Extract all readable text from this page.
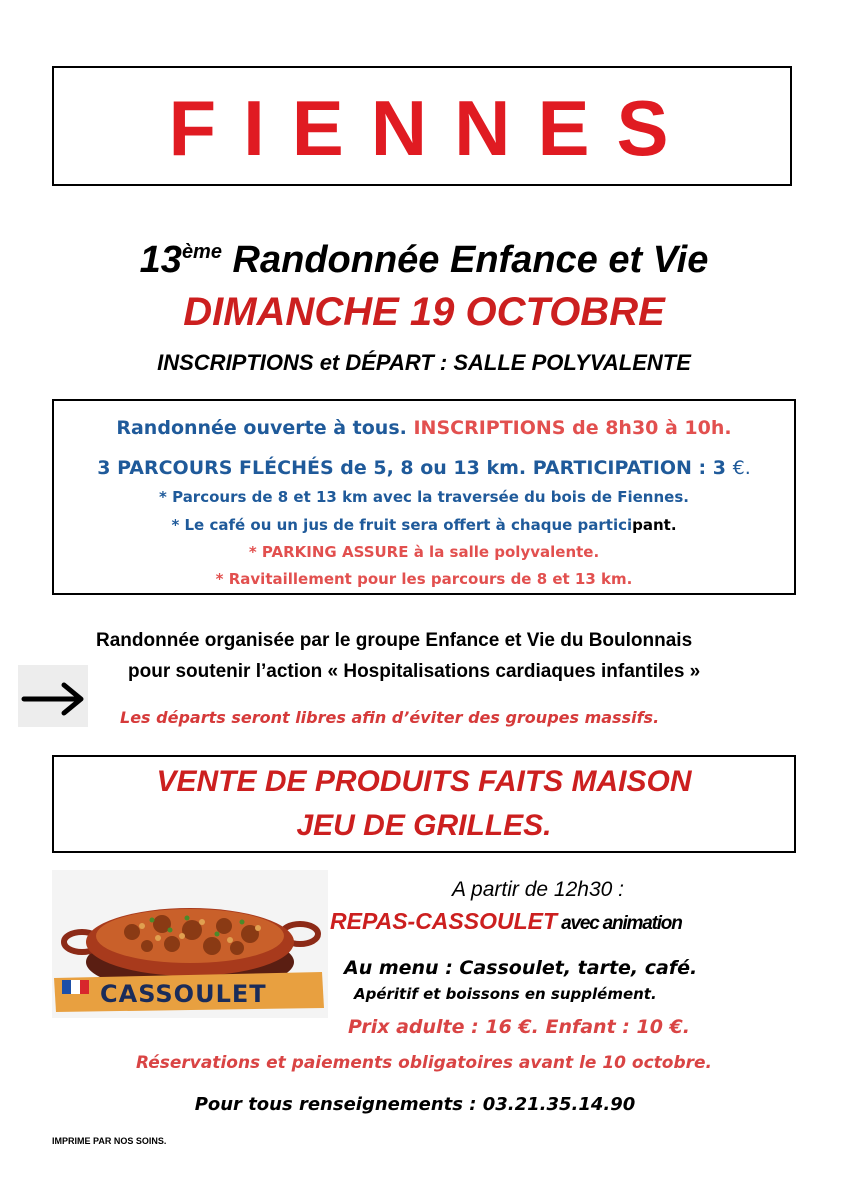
FIENNES
13ème Randonnée Enfance et Vie
DIMANCHE 19 OCTOBRE
INSCRIPTIONS et DÉPART : SALLE POLYVALENTE
Randonnée ouverte à tous. INSCRIPTIONS de 8h30 à 10h.
3 PARCOURS FLÉCHÉS de 5, 8 ou 13 km. PARTICIPATION : 3 €.
* Parcours de 8 et 13 km avec la traversée du bois de Fiennes.
* Le café ou un jus de fruit sera offert à chaque participant.
* PARKING ASSURE à la salle polyvalente.
* Ravitaillement pour les parcours de 8 et 13 km.
Randonnée organisée par le groupe Enfance et Vie du Boulonnais
pour soutenir l’action « Hospitalisations cardiaques infantiles »
Les départs seront libres afin d’éviter des groupes massifs.
VENTE DE PRODUITS FAITS MAISON
JEU DE GRILLES.
CASSOULET
A partir de 12h30 :
REPAS-CASSOULET avec animation
Au menu : Cassoulet, tarte, café.
Apéritif et boissons en supplément.
Prix adulte : 16 €. Enfant : 10 €.
Réservations et paiements obligatoires avant le 10 octobre.
Pour tous renseignements : 03.21.35.14.90
IMPRIME PAR NOS SOINS.
